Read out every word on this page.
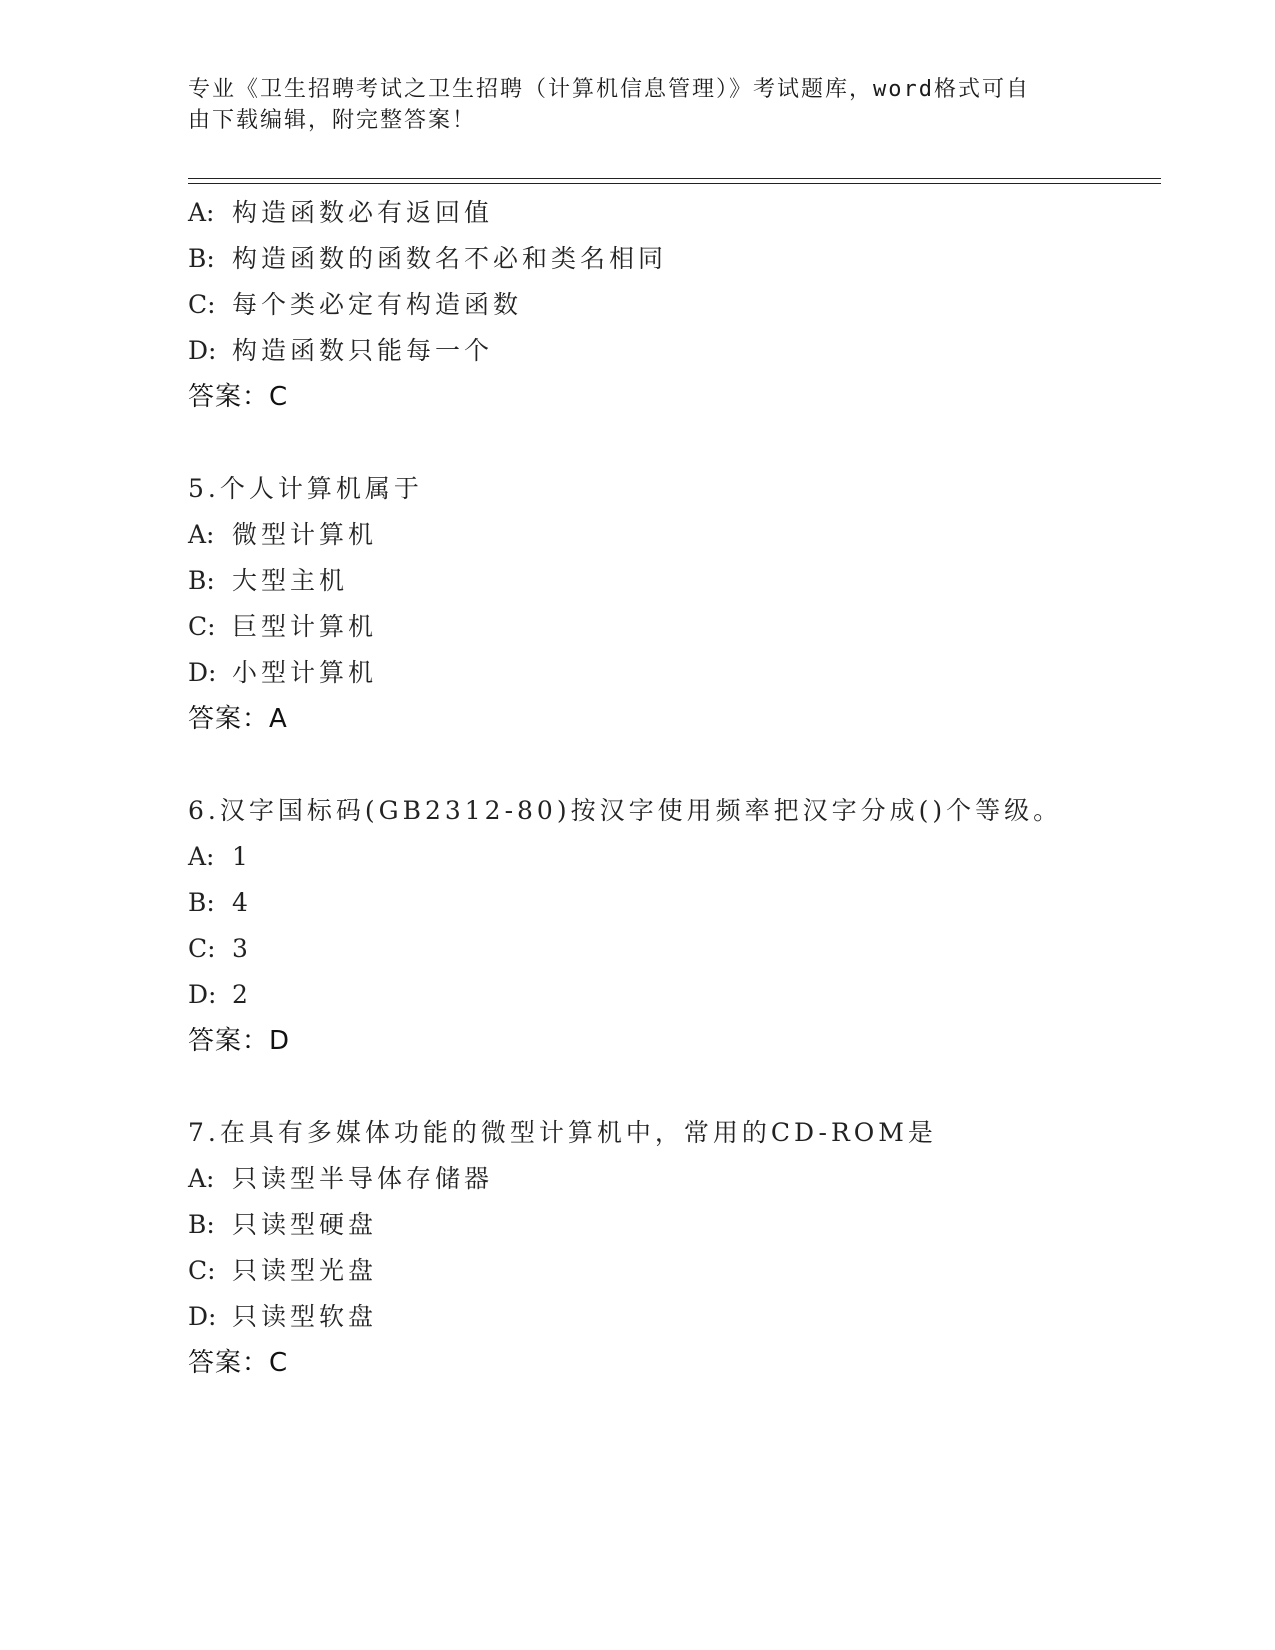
专业《卫生招聘考试之卫生招聘（计算机信息管理）》考试题库，word格式可自
由下载编辑，附完整答案！
A: 构造函数必有返回值
B: 构造函数的函数名不必和类名相同
C: 每个类必定有构造函数
D: 构造函数只能每一个
答案：C
5.个人计算机属于
A: 微型计算机
B: 大型主机
C: 巨型计算机
D: 小型计算机
答案：A
6.汉字国标码(GB2312-80)按汉字使用频率把汉字分成()个等级。
A: 1
B: 4
C: 3
D: 2
答案：D
7.在具有多媒体功能的微型计算机中，常用的CD-ROM是
A: 只读型半导体存储器
B: 只读型硬盘
C: 只读型光盘
D: 只读型软盘
答案：C
